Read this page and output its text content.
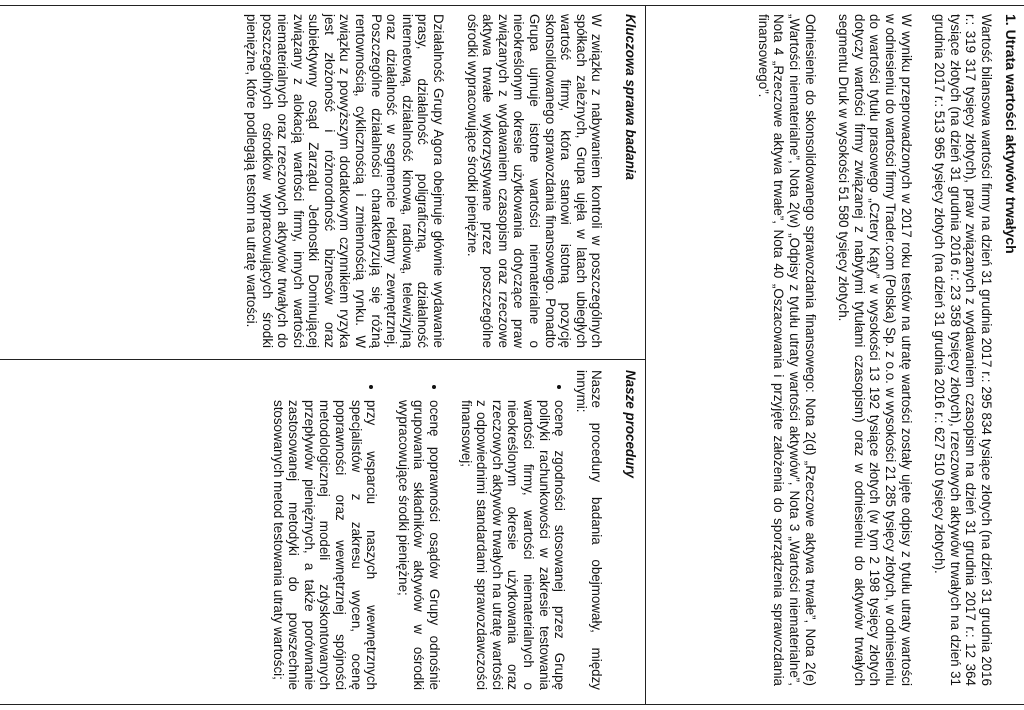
1. Utrata wartości aktywów trwałych

Wartość bilansowa wartości firmy na dzień 31 grudnia 2017 r.: 295 834 tysiące złotych (na dzień 31 grudnia 2016 r.: 319 317 tysięcy złotych), praw związanych z wydawaniem czasopism na dzień 31 grudnia 2017 r.: 12 364 tysiące złotych (na dzień 31 grudnia 2016 r.: 23 358 tysięcy złotych), rzeczowych aktywów trwałych na dzień 31 grudnia 2017 r.: 513 965 tysięcy złotych (na dzień 31 grudnia 2016 r.: 627 510 tysięcy złotych).

W wyniku przeprowadzonych w 2017 roku testów na utratę wartości zostały ujęte odpisy z tytułu utraty wartości w odniesieniu do wartości firmy Trader.com (Polska) Sp. z o.o. w wysokości 21 285 tysięcy złotych, w odniesieniu do wartości tytułu prasowego „Cztery Kąty” w wysokości 13 192 tysiące złotych (w tym 2 198 tysięcy złotych dotyczy wartości firmy związanej z nabytymi tytułami czasopism) oraz w odniesieniu do aktywów trwałych segmentu Druk w wysokości 51 580 tysięcy złotych.

Odniesienie do skonsolidowanego sprawozdania finansowego: Nota 2(d) „Rzeczowe aktywa trwałe”, Nota 2(e) „Wartości niematerialne”, Nota 2(w) „Odpisy z tytułu utraty wartości aktywów”, Nota 3 „Wartości niematerialne”, Nota 4 „Rzeczowe aktywa trwałe”, Nota 40 „Oszacowania i przyjęte założenia do sporządzenia sprawozdania finansowego”.

Kluczowa sprawa badania

W związku z nabywaniem kontroli w poszczególnych spółkach zależnych, Grupa ujęła w latach ubiegłych wartość firmy, która stanowi istotną pozycję skonsolidowanego sprawozdania finansowego. Ponadto Grupa ujmuje istotne wartości niematerialne o nieokreślonym okresie użytkowania dotyczące praw związanych z wydawaniem czasopism oraz rzeczowe aktywa trwałe wykorzystywane przez poszczególne ośrodki wypracowujące środki pieniężne.

Działalność Grupy Agora obejmuje głównie wydawanie prasy, działalność poligraficzną, działalność internetową, działalność kinową, radiową, telewizyjną oraz działalność w segmencie reklamy zewnętrznej. Poszczególne działalności charakteryzują się różną rentownością, cyklicznością i zmiennością rynku. W związku z powyższym dodatkowym czynnikiem ryzyka jest złożoność i różnorodność biznesów oraz subiektywny osąd Zarządu Jednostki Dominującej związany z alokacją wartości firmy, innych wartości niematerialnych oraz rzeczowych aktywów trwałych do poszczególnych ośrodków wypracowujących środki pieniężne, które podlegają testom na utratę wartości.

Nasze procedury

Nasze procedury badania obejmowały, między innymi:

• ocenę zgodności stosowanej przez Grupę polityki rachunkowości w zakresie testowania wartości firmy, wartości niematerialnych o nieokreślonym okresie użytkowania oraz rzeczowych aktywów trwałych na utratę wartości z odpowiednimi standardami sprawozdawczości finansowej;
• ocenę poprawności osądów Grupy odnośnie grupowania składników aktywów w ośrodki wypracowujące środki pieniężne;
• przy wsparciu naszych wewnętrznych specjalistów z zakresu wycen, ocenę poprawności oraz wewnętrznej spójności metodologicznej modeli zdyskontowanych przepływów pieniężnych, a także porównanie zastosowanej metodyki do powszechnie stosowanych metod testowania utraty wartości;
